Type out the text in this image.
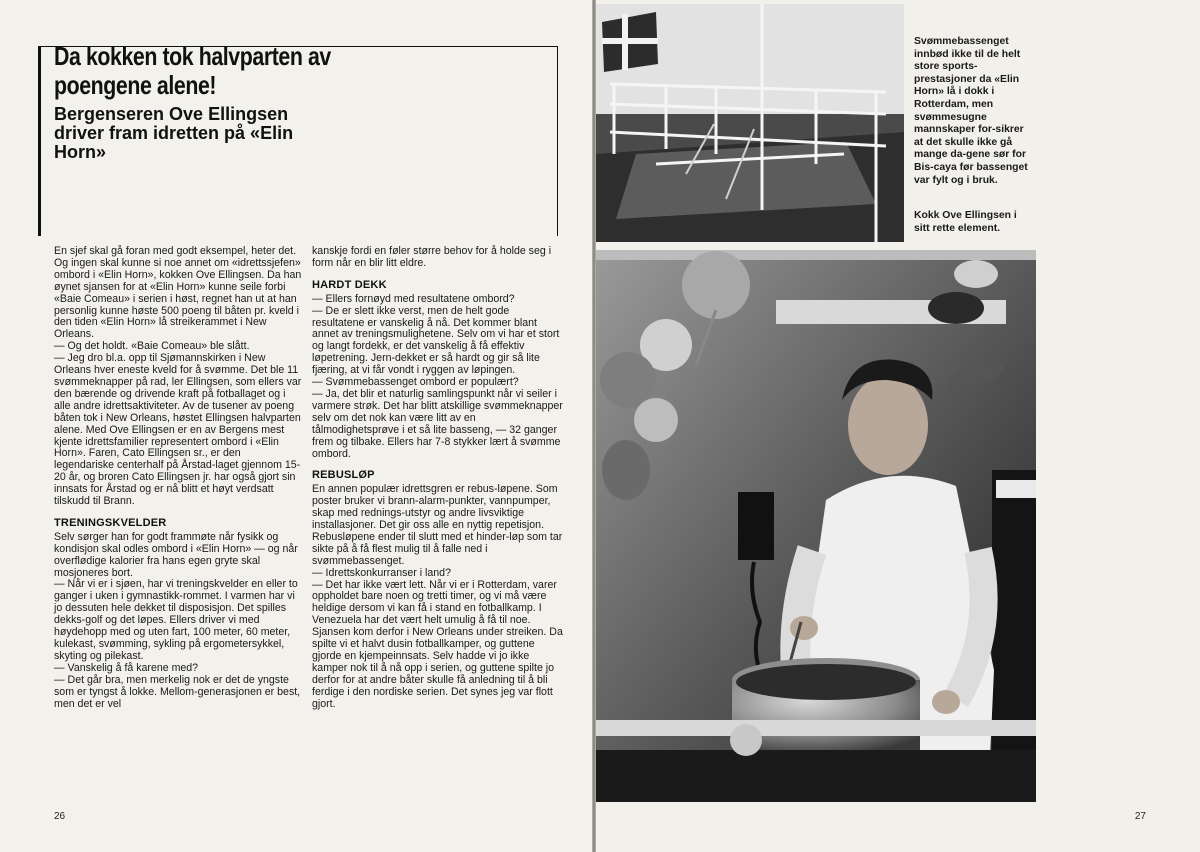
Da kokken tok halvparten av poengene alene!
Bergenseren Ove Ellingsen driver fram idretten på «Elin Horn»

En sjef skal gå foran med godt eksempel, heter det. Og ingen skal kunne si noe annet om «idrettssjefen» ombord i «Elin Horn», kokken Ove Ellingsen. Da han øynet sjansen for at «Elin Horn» kunne seile forbi «Baie Comeau» i serien i høst, regnet han ut at han personlig kunne høste 500 poeng til båten pr. kveld i den tiden «Elin Horn» lå streikerammet i New Orleans.

— Og det holdt. «Baie Comeau» ble slått.

— Jeg dro bl.a. opp til Sjømannskirken i New Orleans hver eneste kveld for å svømme. Det ble 11 svømmeknapper på rad, ler Ellingsen, som ellers var den bærende og drivende kraft på fotballaget og i alle andre idrettsaktiviteter. Av de tusener av poeng båten tok i New Orleans, høstet Ellingsen halvparten alene. Med Ove Ellingsen er en av Bergens mest kjente idrettsfamilier representert ombord i «Elin Horn». Faren, Cato Ellingsen sr., er den legendariske centerhalf på Årstad-laget gjennom 15-20 år, og broren Cato Ellingsen jr. har også gjort sin innsats for Årstad og er nå blitt et høyt verdsatt tilskudd til Brann.

TRENINGSKVELDER

Selv sørger han for godt frammøte når fysikk og kondisjon skal odles ombord i «Elin Horn» — og når overflødige kalorier fra hans egen gryte skal mosjoneres bort.

— Når vi er i sjøen, har vi treningskvelder en eller to ganger i uken i gymnastikk-rommet. I varmen har vi jo dessuten hele dekket til disposisjon. Det spilles dekks-golf og det løpes. Ellers driver vi med høydehopp med og uten fart, 100 meter, 60 meter, kulekast, svømming, sykling på ergometersykkel, skyting og pilekast.

— Vanskelig å få karene med?

— Det går bra, men merkelig nok er det de yngste som er tyngst å lokke. Mellom-generasjonen er best, men det er vel

kanskje fordi en føler større behov for å holde seg i form når en blir litt eldre.

HARDT DEKK

— Ellers fornøyd med resultatene ombord?

— De er slett ikke verst, men de helt gode resultatene er vanskelig å nå. Det kommer blant annet av treningsmulighetene. Selv om vi har et stort og langt fordekk, er det vanskelig å få effektiv løpetrening. Jern-dekket er så hardt og gir så lite fjæring, at vi får vondt i ryggen av løpingen.

— Svømmebassenget ombord er populært?

— Ja, det blir et naturlig samlingspunkt når vi seiler i varmere strøk. Det har blitt atskillige svømmeknapper selv om det nok kan være litt av en tålmodighetsprøve i et så lite basseng, — 32 ganger frem og tilbake. Ellers har 7-8 stykker lært å svømme ombord.

REBUSLØP

En annen populær idrettsgren er rebus-løpene. Som poster bruker vi brann-alarm-punkter, vannpumper, skap med rednings-utstyr og andre livsviktige installasjoner. Det gir oss alle en nyttig repetisjon. Rebusløpene ender til slutt med et hinder-løp som tar sikte på å få flest mulig til å falle ned i svømmebassenget.

— Idrettskonkurranser i land?

— Det har ikke vært lett. Når vi er i Rotterdam, varer oppholdet bare noen og tretti timer, og vi må være heldige dersom vi kan få i stand en fotballkamp. I Venezuela har det vært helt umulig å få til noe. Sjansen kom derfor i New Orleans under streiken. Da spilte vi et halvt dusin fotballkamper, og guttene gjorde en kjempeinnsats. Selv hadde vi jo ikke kamper nok til å nå opp i serien, og guttene spilte jo derfor for at andre båter skulle få anledning til å bli ferdige i den nordiske serien. Det synes jeg var flott gjort.

26

Svømmebassenget innbød ikke til de helt store sports-prestasjoner da «Elin Horn» lå i dokk i Rotterdam, men svømmesugne mannskaper for-sikrer at det skulle ikke gå mange da-gene sør for Bis-caya før bassenget var fylt og i bruk.

Kokk Ove Ellingsen i sitt rette element.

27
